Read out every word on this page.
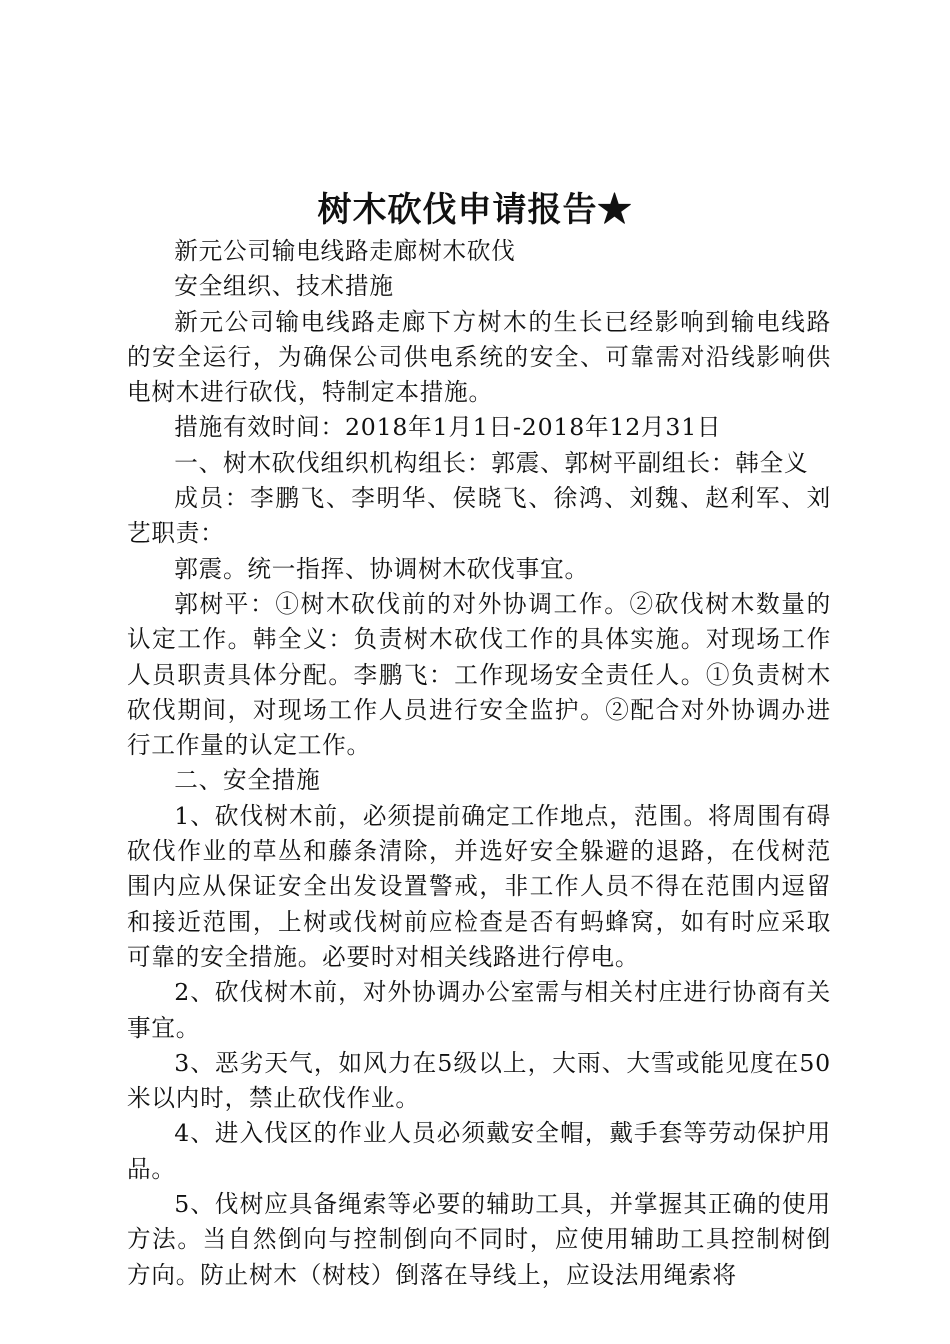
树木砍伐申请报告★

新元公司输电线路走廊树木砍伐

安全组织、技术措施

新元公司输电线路走廊下方树木的生长已经影响到输电线路的安全运行，为确保公司供电系统的安全、可靠需对沿线影响供电树木进行砍伐，特制定本措施。

措施有效时间：2018年1月1日-2018年12月31日

一、树木砍伐组织机构组长：郭震、郭树平副组长：韩全义

成员：李鹏飞、李明华、侯晓飞、徐鸿、刘魏、赵利军、刘艺职责：

郭震。统一指挥、协调树木砍伐事宜。

郭树平：①树木砍伐前的对外协调工作。②砍伐树木数量的认定工作。韩全义：负责树木砍伐工作的具体实施。对现场工作人员职责具体分配。李鹏飞：工作现场安全责任人。①负责树木砍伐期间，对现场工作人员进行安全监护。②配合对外协调办进行工作量的认定工作。

二、安全措施

1、砍伐树木前，必须提前确定工作地点，范围。将周围有碍砍伐作业的草丛和藤条清除，并选好安全躲避的退路，在伐树范围内应从保证安全出发设置警戒，非工作人员不得在范围内逗留和接近范围，上树或伐树前应检查是否有蚂蜂窝，如有时应采取可靠的安全措施。必要时对相关线路进行停电。

2、砍伐树木前，对外协调办公室需与相关村庄进行协商有关事宜。

3、恶劣天气，如风力在5级以上，大雨、大雪或能见度在50米以内时，禁止砍伐作业。

4、进入伐区的作业人员必须戴安全帽，戴手套等劳动保护用品。

5、伐树应具备绳索等必要的辅助工具，并掌握其正确的使用方法。当自然倒向与控制倒向不同时，应使用辅助工具控制树倒方向。防止树木（树枝）倒落在导线上，应设法用绳索将
